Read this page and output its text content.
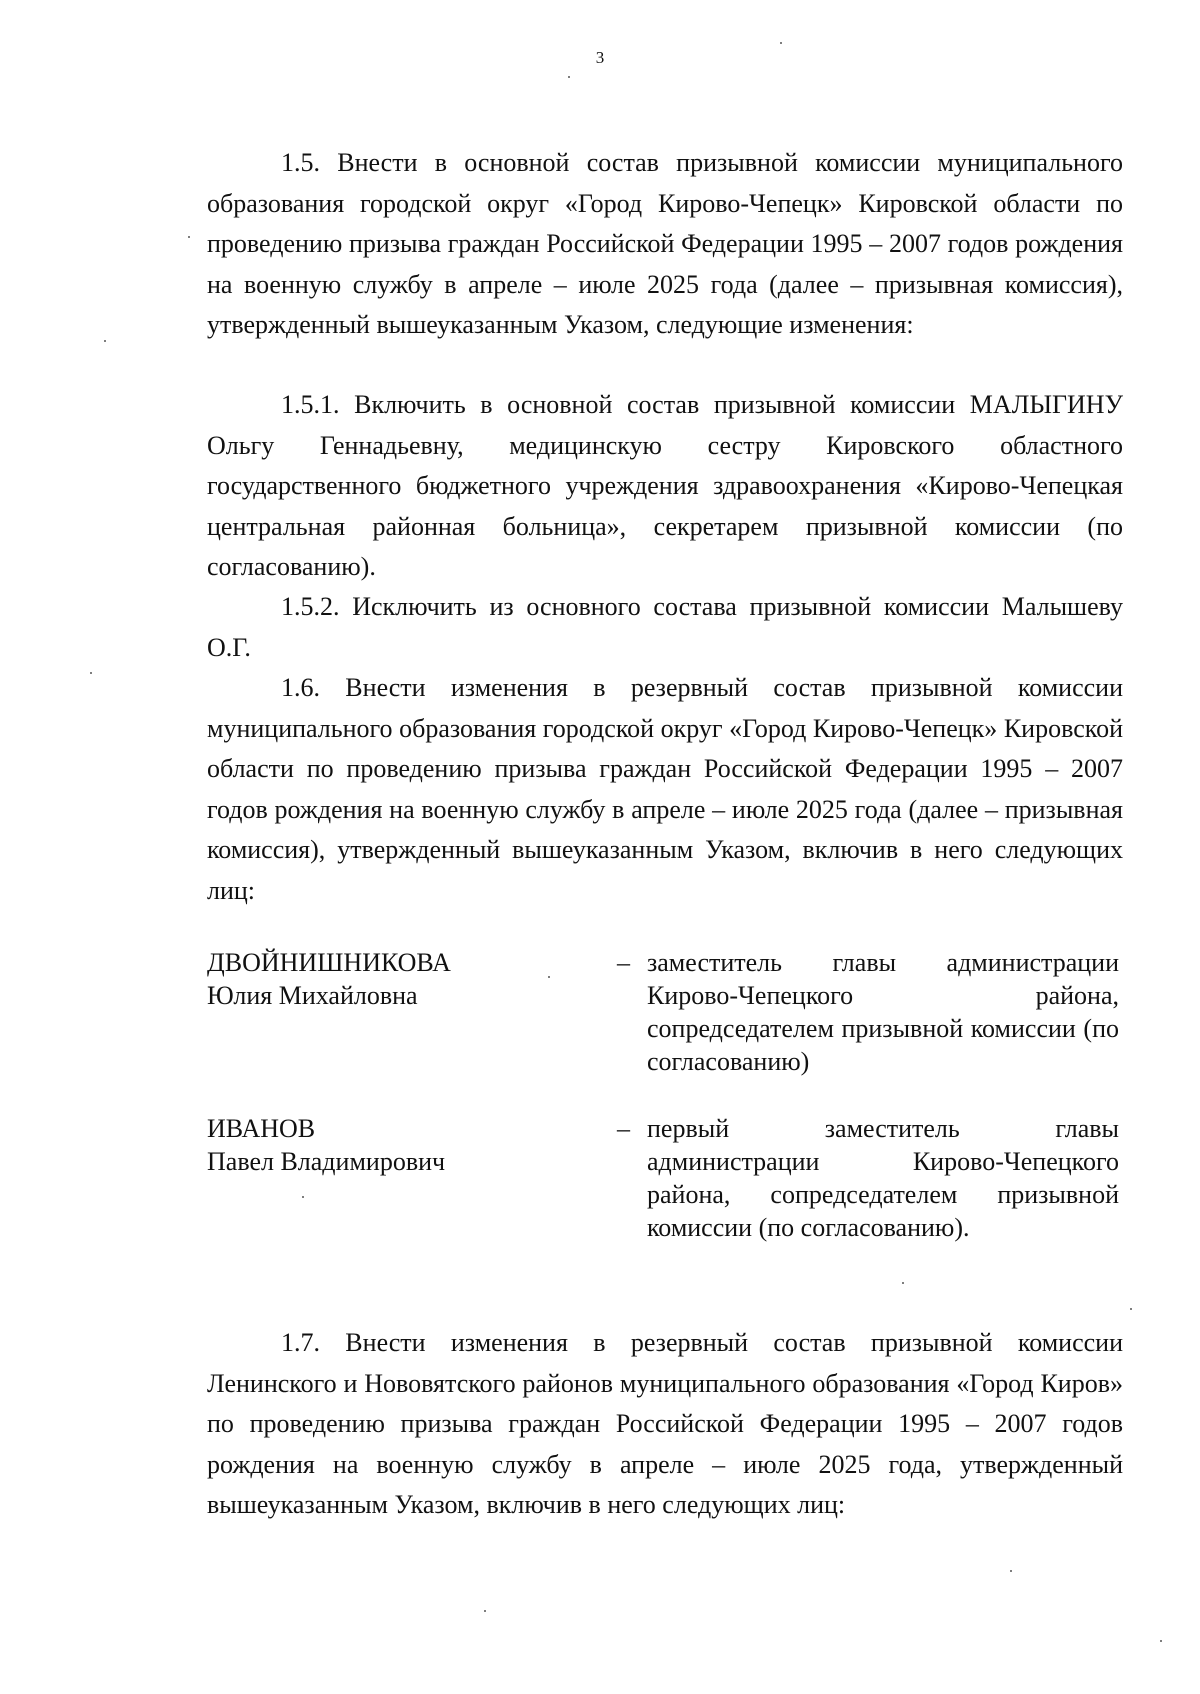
3

1.5. Внести в основной состав призывной комиссии муниципального образования городской округ «Город Кирово-Чепецк» Кировской области по проведению призыва граждан Российской Федерации 1995 – 2007 годов рождения на военную службу в апреле – июле 2025 года (далее – призывная комиссия), утвержденный вышеуказанным Указом, следующие изменения:

1.5.1. Включить в основной состав призывной комиссии МАЛЫГИНУ Ольгу Геннадьевну, медицинскую сестру Кировского областного государственного бюджетного учреждения здравоохранения «Кирово-Чепецкая центральная районная больница», секретарем призывной комиссии (по согласованию).

1.5.2. Исключить из основного состава призывной комиссии Малышеву О.Г.

1.6. Внести изменения в резервный состав призывной комиссии муниципального образования городской округ «Город Кирово-Чепецк» Кировской области по проведению призыва граждан Российской Федерации 1995 – 2007 годов рождения на военную службу в апреле – июле 2025 года (далее – призывная комиссия), утвержденный вышеуказанным Указом, включив в него следующих лиц:

ДВОЙНИШНИКОВА
Юлия Михайловна
– заместитель главы администрации Кирово-Чепецкого района, сопредседателем призывной комиссии (по согласованию)
ИВАНОВ
Павел Владимирович
– первый заместитель главы администрации Кирово-Чепецкого района, сопредседателем призывной комиссии (по согласованию).

1.7. Внести изменения в резервный состав призывной комиссии Ленинского и Нововятского районов муниципального образования «Город Киров» по проведению призыва граждан Российской Федерации 1995 – 2007 годов рождения на военную службу в апреле – июле 2025 года, утвержденный вышеуказанным Указом, включив в него следующих лиц:
